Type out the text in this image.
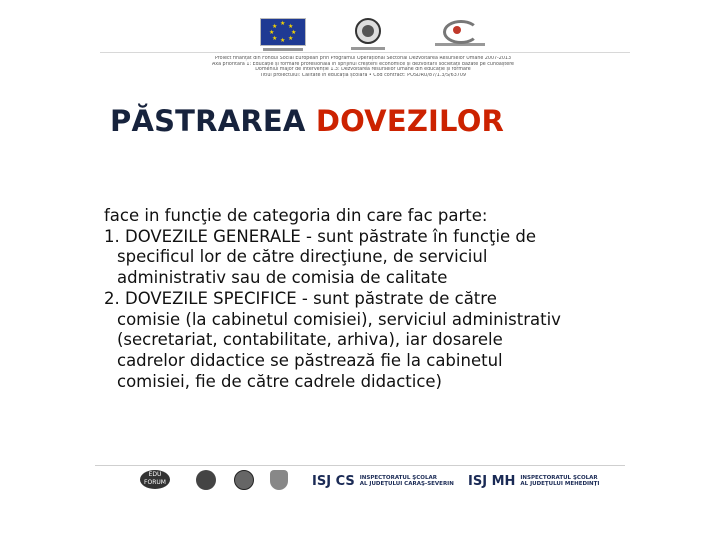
★ ★
★
★
★
★
★
★
Proiect finanțat din Fondul Social European prin Programul Operațional Sectorial Dezvoltarea Resurselor Umane 2007-2013
Axa prioritară 1: Educație și formare profesională în sprijinul creșterii economice și dezvoltării societății bazate pe cunoaștere
Domeniul major de intervenție 1.3: Dezvoltarea resurselor umane din educație și formare
Titlul proiectului: Calitate în educația școlară • Cod contract: POSDRU/87/1.3/S/63709
PĂSTRAREA DOVEZILOR

face in funcţie de categoria din care fac parte:

1. DOVEZILE GENERALE - sunt păstrate în funcţie de

specificul lor de către direcţiune, de serviciul

administrativ sau de comisia de calitate

2. DOVEZILE SPECIFICE - sunt păstrate de către

comisie (la cabinetul comisiei), serviciul administrativ

(secretariat, contabilitate, arhiva), iar dosarele

cadrelor didactice se păstrează fie la cabinetul

comisiei, fie de către cadrele didactice)

EDU FORUM	ISJ CS INSPECTORATUL ŞCOLAR
AL JUDEŢULUI CARAŞ-SEVERIN ISJ MH INSPECTORATUL ŞCOLAR
AL JUDEŢULUI MEHEDINŢI
